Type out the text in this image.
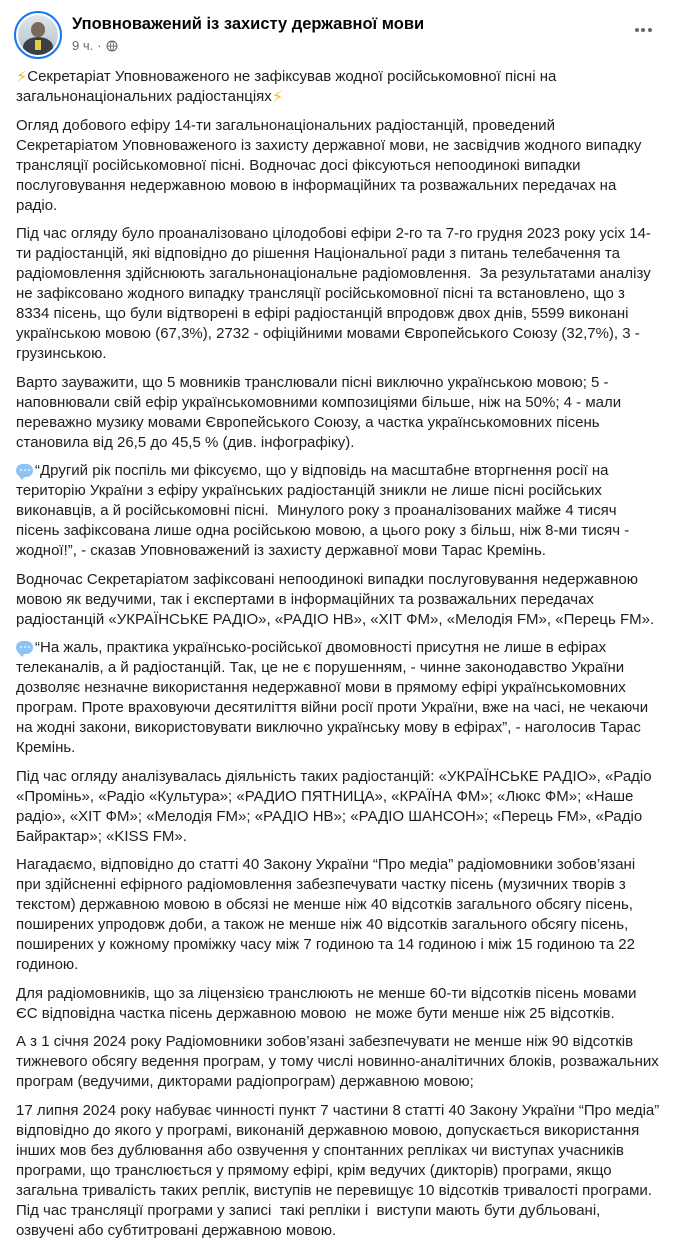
Уповноважений із захисту державної мови
9 ч. ·

⚡Секретаріат Уповноваженого не зафіксував жодної російськомовної пісні на загальнонаціональних радіостанціях⚡

Огляд добового ефіру 14-ти загальнонаціональних радіостанцій, проведений Секретаріатом Уповноваженого із захисту державної мови, не засвідчив жодного випадку трансляції російськомовної пісні. Водночас досі фіксуються непоодинокі випадки послуговування недержавною мовою в інформаційних та розважальних передачах на радіо.

Під час огляду було проаналізовано цілодобові ефіри 2-го та 7-го грудня 2023 року усіх 14-ти радіостанцій, які відповідно до рішення Національної ради з питань телебачення та радіомовлення здійснюють загальнонаціональне радіомовлення.  За результатами аналізу не зафіксовано жодного випадку трансляції російськомовної пісні та встановлено, що з 8334 пісень, що були відтворені в ефірі радіостанцій впродовж двох днів, 5599 виконані українською мовою (67,3%), 2732 - офіційними мовами Європейського Союзу (32,7%), 3 - грузинською.

Варто зауважити, що 5 мовників транслювали пісні виключно українською мовою; 5 - наповнювали свій ефір українськомовними композиціями більше, ніж на 50%; 4 - мали переважно музику мовами Європейського Союзу, а частка українськомовних пісень становила від 26,5 до 45,5 % (див. інфографіку).

“Другий рік поспіль ми фіксуємо, що у відповідь на масштабне вторгнення росії на територію України з ефіру українських радіостанцій зникли не лише пісні російських виконавців, а й російськомовні пісні.  Минулого року з проаналізованих майже 4 тисяч пісень зафіксована лише одна російською мовою, а цього року з більш, ніж 8-ми тисяч - жодної!”, - сказав Уповноважений із захисту державної мови Тарас Кремінь.

Водночас Секретаріатом зафіксовані непоодинокі випадки послуговування недержавною мовою як ведучими, так і експертами в інформаційних та розважальних передачах радіостанцій «УКРАЇНСЬКЕ РАДІО», «РАДІО НВ», «ХІТ ФМ», «Мелодія FM», «Перець FM».

“На жаль, практика українсько-російської двомовності присутня не лише в ефірах телеканалів, а й радіостанцій. Так, це не є порушенням, - чинне законодавство України дозволяє незначне використання недержавної мови в прямому ефірі українськомовних програм. Проте враховуючи десятиліття війни росії проти України, вже на часі, не чекаючи на жодні закони, використовувати виключно українську мову в ефірах”, - наголосив Тарас Кремінь.

Під час огляду аналізувалась діяльність таких радіостанцій: «УКРАЇНСЬКЕ РАДІО», «Радіо «Промінь», «Радіо «Культура»; «РАДИО ПЯТНИЦА», «КРАЇНА ФМ»; «Люкс ФМ»; «Наше радіо», «ХІТ ФМ»; «Мелодія FM»; «РАДІО НВ»; «РАДІО ШАНСОН»; «Перець FM», «Радіо Байрактар»; «KISS FM».

Нагадаємо, відповідно до статті 40 Закону України “Про медіа” радіомовники зобов’язані при здійсненні ефірного радіомовлення забезпечувати частку пісень (музичних творів з текстом) державною мовою в обсязі не менше ніж 40 відсотків загального обсягу пісень, поширених упродовж доби, а також не менше ніж 40 відсотків загального обсягу пісень, поширених у кожному проміжку часу між 7 годиною та 14 годиною і між 15 годиною та 22 годиною.

Для радіомовників, що за ліцензією транслюють не менше 60-ти відсотків пісень мовами ЄС відповідна частка пісень державною мовою  не може бути менше ніж 25 відсотків.

А з 1 січня 2024 року Радіомовники зобов’язані забезпечувати не менше ніж 90 відсотків тижневого обсягу ведення програм, у тому числі новинно-аналітичних блоків, розважальних програм (ведучими, дикторами радіопрограм) державною мовою;

17 липня 2024 року набуває чинності пункт 7 частини 8 статті 40 Закону України “Про медіа” відповідно до якого у програмі, виконаній державною мовою, допускається використання інших мов без дублювання або озвучення у спонтанних репліках чи виступах учасників програми, що транслюється у прямому ефірі, крім ведучих (дикторів) програми, якщо загальна тривалість таких реплік, виступів не перевищує 10 відсотків тривалості програми. Під час трансляції програми у записі  такі репліки і  виступи мають бути дубльовані, озвучені або субтитровані державною мовою.
